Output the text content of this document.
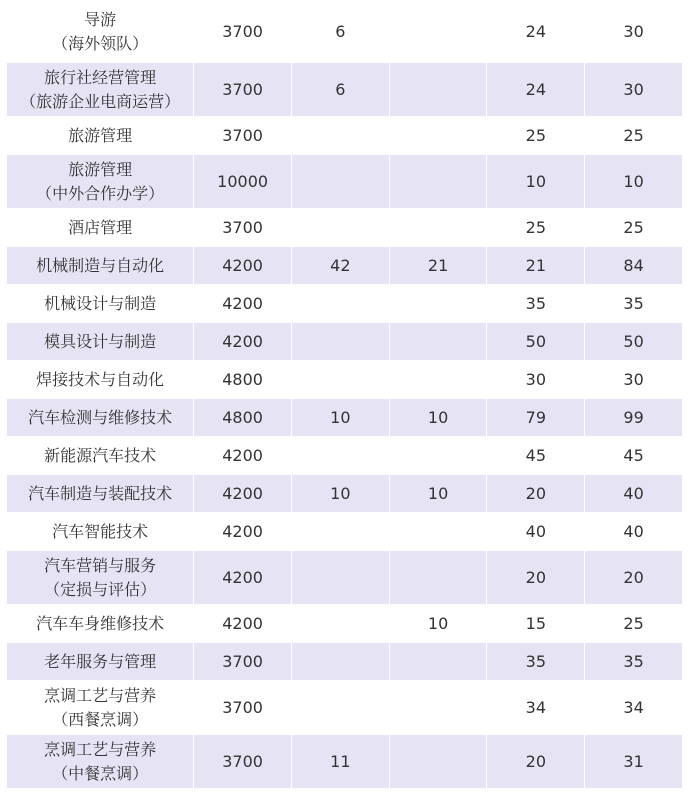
导游
（海外领队）	3700	6		24	30

旅行社经营管理
（旅游企业电商运营）	3700	6		24	30

旅游管理	3700			25	25

旅游管理
（中外合作办学）	10000			10	10

酒店管理	3700			25	25

机械制造与自动化	4200	42	21	21	84

机械设计与制造	4200			35	35

模具设计与制造	4200			50	50

焊接技术与自动化	4800			30	30

汽车检测与维修技术	4800	10	10	79	99

新能源汽车技术	4200			45	45

汽车制造与装配技术	4200	10	10	20	40

汽车智能技术	4200			40	40

汽车营销与服务
（定损与评估）	4200			20	20

汽车车身维修技术	4200		10	15	25

老年服务与管理	3700			35	35

烹调工艺与营养
（西餐烹调）	3700			34	34

烹调工艺与营养
（中餐烹调）	3700	11		20	31
